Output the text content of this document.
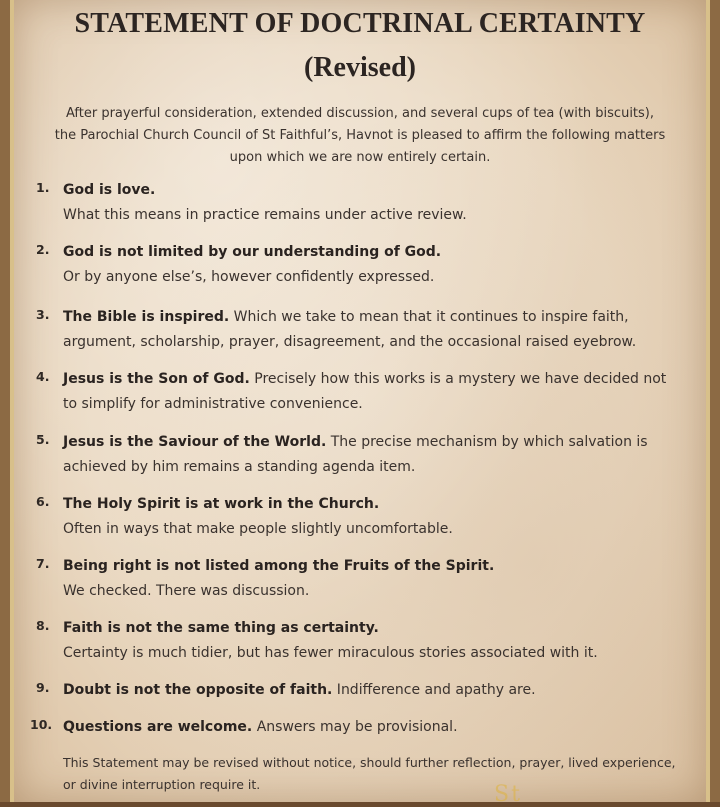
STATEMENT OF DOCTRINAL CERTAINTY
(Revised)

After prayerful consideration, extended discussion, and several cups of tea (with biscuits), the Parochial Church Council of St Faithful’s, Havnot is pleased to affirm the following matters upon which we are now entirely certain.

1. God is love.
What this means in practice remains under active review.
2. God is not limited by our understanding of God.
Or by anyone else’s, however confidently expressed.
3. The Bible is inspired. Which we take to mean that it continues to inspire faith,
argument, scholarship, prayer, disagreement, and the occasional raised eyebrow.
4. Jesus is the Son of God. Precisely how this works is a mystery we have decided not
to simplify for administrative convenience.
5. Jesus is the Saviour of the World. The precise mechanism by which salvation is
achieved by him remains a standing agenda item.
6. The Holy Spirit is at work in the Church.
Often in ways that make people slightly uncomfortable.
7. Being right is not listed among the Fruits of the Spirit.
We checked. There was discussion.
8. Faith is not the same thing as certainty.
Certainty is much tidier, but has fewer miraculous stories associated with it.
9. Doubt is not the opposite of faith. Indifference and apathy are.
10. Questions are welcome. Answers may be provisional.

This Statement may be revised without notice, should further reflection, prayer, lived experience, or divine interruption require it.	St
